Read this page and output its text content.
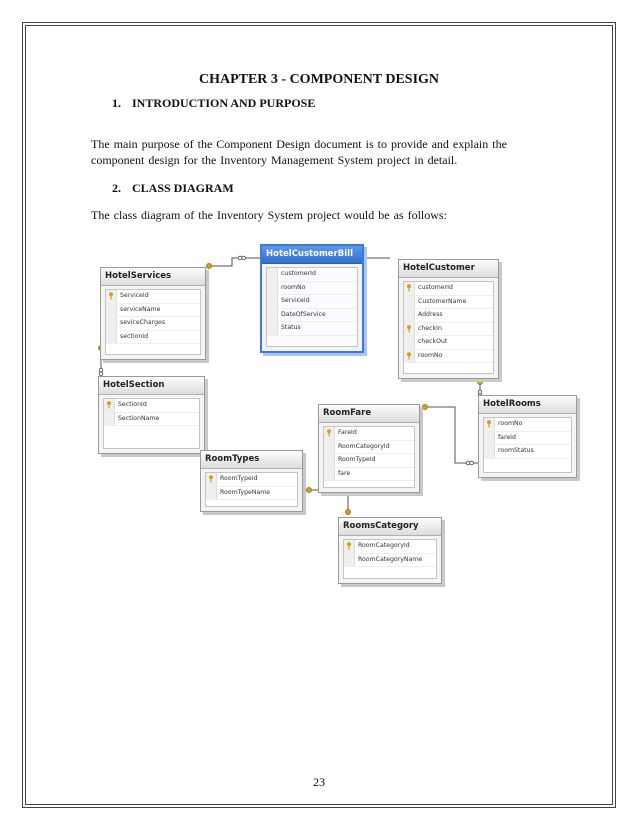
CHAPTER 3 - COMPONENT DESIGN
1. INTRODUCTION AND PURPOSE
The main purpose of the Component Design document is to provide and explain the component design for the Inventory Management System project in detail.
2. CLASS DIAGRAM
The class diagram of the Inventory System project would be as follows:
HotelServices
ServiceId
serviceName
seviceCharges
sectionId
HotelCustomerBill
customerId
roomNo
ServiceId
DateOfService
Status
HotelCustomer
customerId
CustomerName
Address
checkIn
checkOut
roomNo
HotelSection
SectionId
SectionName	RoomFare
FareId
RoomCategoryId
RoomTypeId
fare
HotelRooms
roomNo
fareId
roomStatus
RoomTypes
RoomTypeId
RoomTypeName
RoomsCategory
RoomCategoryId
RoomCategoryName
23
